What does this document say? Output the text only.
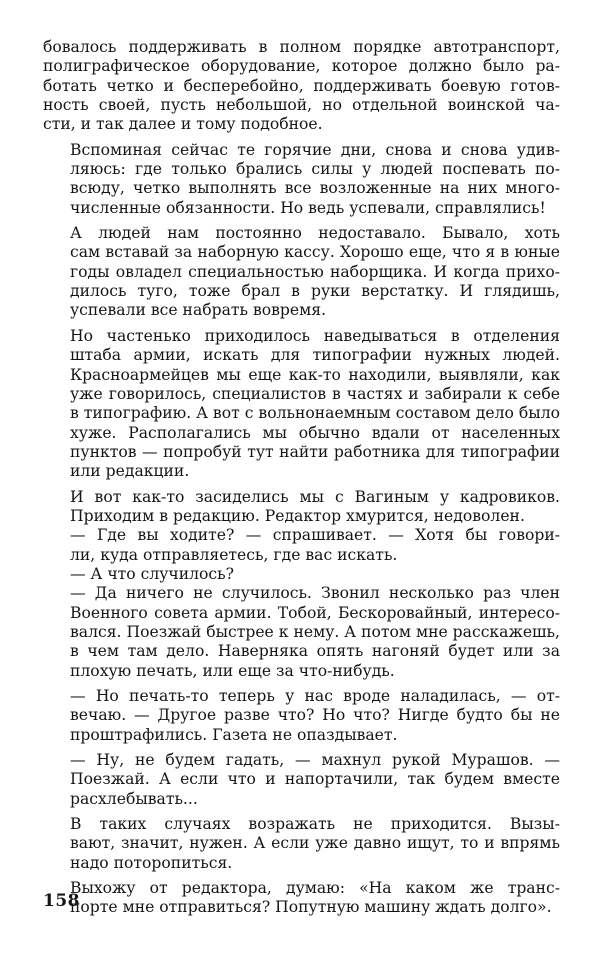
бовалось поддерживать в полном порядке автотранспорт,
полиграфическое оборудование, которое должно было ра-
ботать четко и бесперебойно, поддерживать боевую готов-
ность своей, пусть небольшой, но отдельной воинской ча-
сти, и так далее и тому подобное.
Вспоминая сейчас те горячие дни, снова и снова удив-
ляюсь: где только брались силы у людей поспевать по-
всюду, четко выполнять все возложенные на них много-
численные обязанности. Но ведь успевали, справлялись!
А людей нам постоянно недоставало. Бывало, хоть
сам вставай за наборную кассу. Хорошо еще, что я в юные
годы овладел специальностью наборщика. И когда прихо-
дилось туго, тоже брал в руки верстатку. И глядишь,
успевали все набрать вовремя.
Но частенько приходилось наведываться в отделения
штаба армии, искать для типографии нужных людей.
Красноармейцев мы еще как-то находили, выявляли, как
уже говорилось, специалистов в частях и забирали к себе
в типографию. А вот с вольнонаемным составом дело было
хуже. Располагались мы обычно вдали от населенных
пунктов — попробуй тут найти работника для типографии
или редакции.
И вот как-то засиделись мы с Вагиным у кадровиков.
Приходим в редакцию. Редактор хмурится, недоволен.
— Где вы ходите? — спрашивает. — Хотя бы говори-
ли, куда отправляетесь, где вас искать.
— А что случилось?
— Да ничего не случилось. Звонил несколько раз член
Военного совета армии. Тобой, Бескоровайный, интересо-
вался. Поезжай быстрее к нему. А потом мне расскажешь,
в чем там дело. Наверняка опять нагоняй будет или за
плохую печать, или еще за что-нибудь.
— Но печать-то теперь у нас вроде наладилась, — от-
вечаю. — Другое разве что? Но что? Нигде будто бы не
проштрафились. Газета не опаздывает.
— Ну, не будем гадать, — махнул рукой Мурашов. —
Поезжай. А если что и напортачили, так будем вместе
расхлебывать...
В таких случаях возражать не приходится. Вызы-
вают, значит, нужен. А если уже давно ищут, то и впрямь
надо поторопиться.
Выхожу от редактора, думаю: «На каком же транс-
порте мне отправиться? Попутную машину ждать долго».
158
